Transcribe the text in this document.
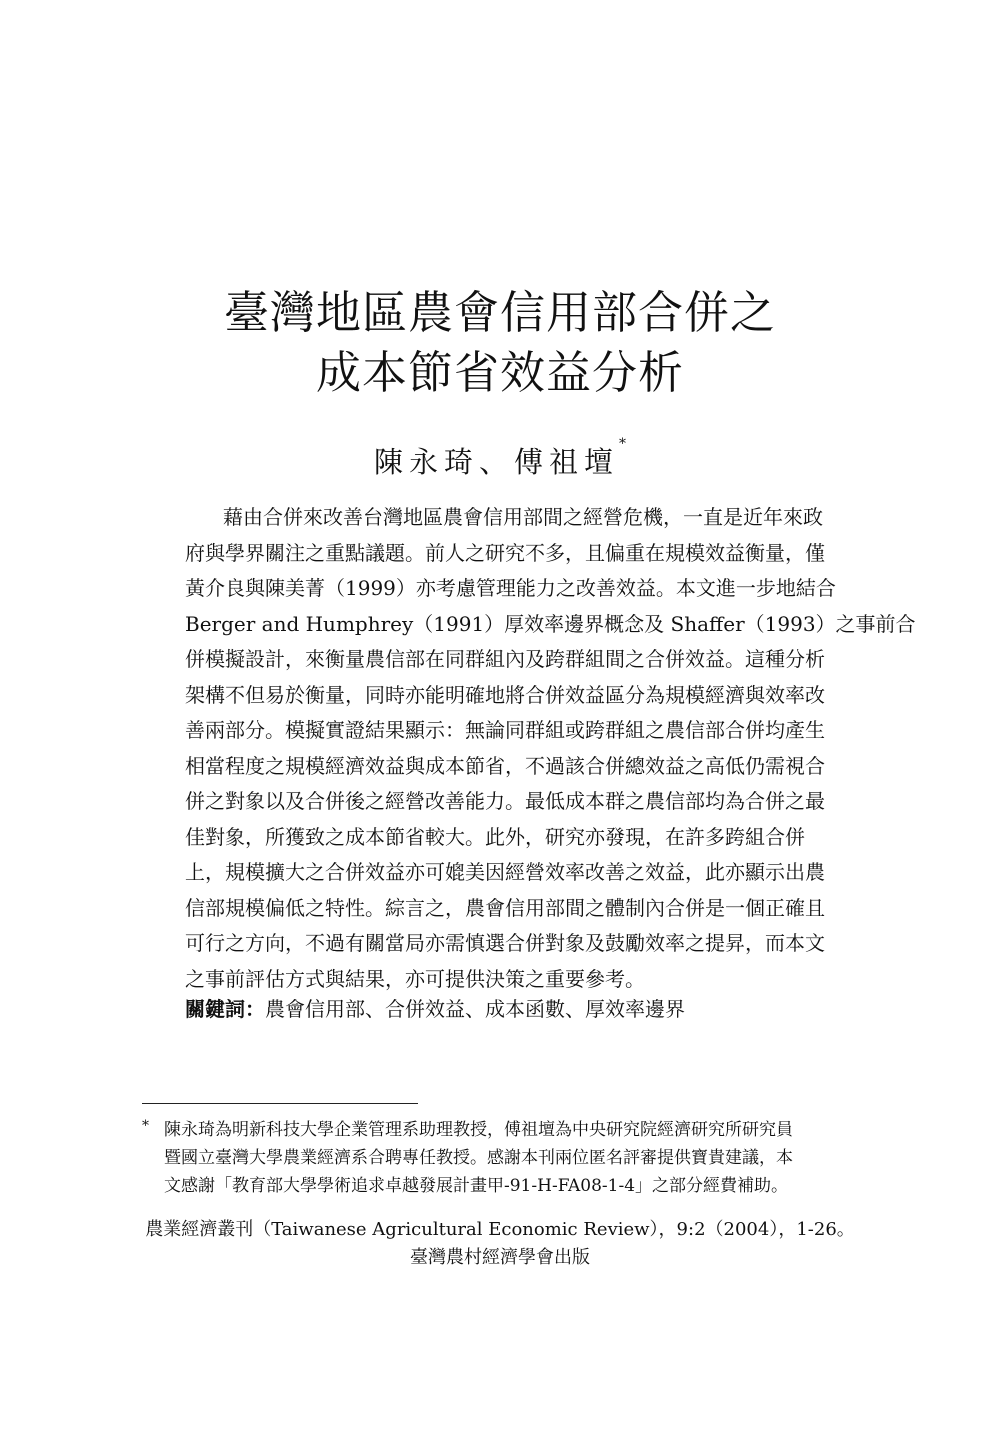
臺灣地區農會信用部合併之
成本節省效益分析
陳永琦、傅祖壇*
藉由合併來改善台灣地區農會信用部間之經營危機，一直是近年來政
府與學界關注之重點議題。前人之研究不多，且偏重在規模效益衡量，僅
黃介良與陳美菁（1999）亦考慮管理能力之改善效益。本文進一步地結合
Berger and Humphrey（1991）厚效率邊界概念及 Shaffer（1993）之事前合
併模擬設計，來衡量農信部在同群組內及跨群組間之合併效益。這種分析
架構不但易於衡量，同時亦能明確地將合併效益區分為規模經濟與效率改
善兩部分。模擬實證結果顯示：無論同群組或跨群組之農信部合併均產生
相當程度之規模經濟效益與成本節省，不過該合併總效益之高低仍需視合
併之對象以及合併後之經營改善能力。最低成本群之農信部均為合併之最
佳對象，所獲致之成本節省較大。此外，研究亦發現，在許多跨組合併
上，規模擴大之合併效益亦可媲美因經營效率改善之效益，此亦顯示出農
信部規模偏低之特性。綜言之，農會信用部間之體制內合併是一個正確且
可行之方向，不過有關當局亦需慎選合併對象及鼓勵效率之提昇，而本文
之事前評估方式與結果，亦可提供決策之重要參考。
關鍵詞：農會信用部、合併效益、成本函數、厚效率邊界
* 陳永琦為明新科技大學企業管理系助理教授，傅祖壇為中央研究院經濟研究所研究員
暨國立臺灣大學農業經濟系合聘專任教授。感謝本刊兩位匿名評審提供寶貴建議，本
文感謝「教育部大學學術追求卓越發展計畫甲-91-H-FA08-1-4」之部分經費補助。
農業經濟叢刊（Taiwanese Agricultural Economic Review），9:2（2004），1-26。
臺灣農村經濟學會出版
